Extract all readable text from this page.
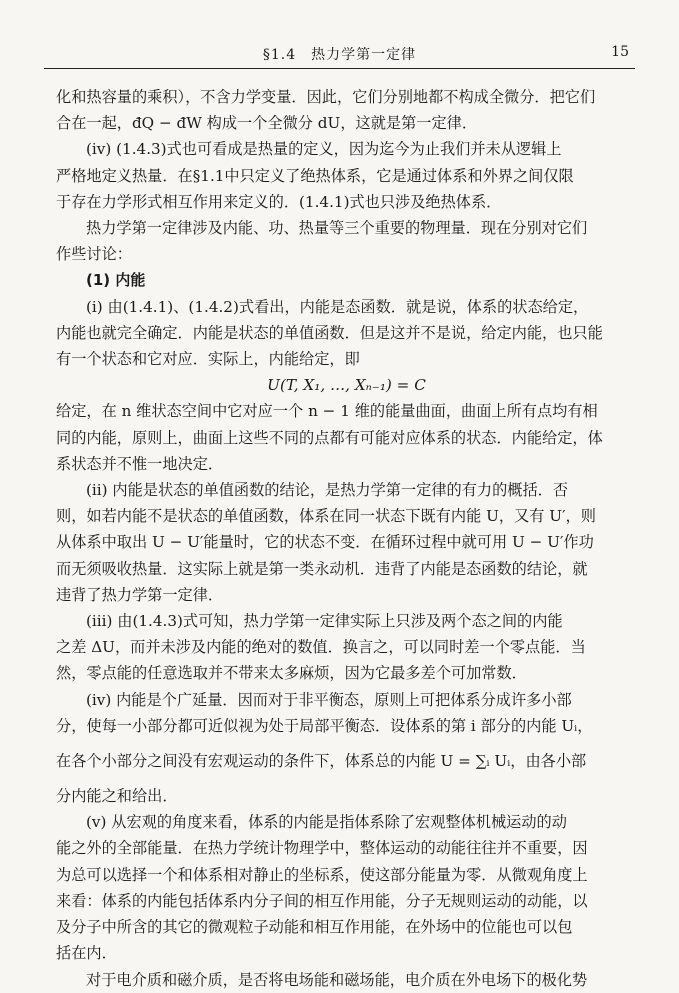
§1.4　热力学第一定律	15
化和热容量的乘积），不含力学变量．因此，它们分别地都不构成全微分．把它们
合在一起，đQ − đW 构成一个全微分 dU，这就是第一定律．
(iv) (1.4.3)式也可看成是热量的定义，因为迄今为止我们并未从逻辑上
严格地定义热量．在§1.1中只定义了绝热体系，它是通过体系和外界之间仅限
于存在力学形式相互作用来定义的．(1.4.1)式也只涉及绝热体系．
热力学第一定律涉及内能、功、热量等三个重要的物理量．现在分别对它们
作些讨论：
(1) 内能
(i) 由(1.4.1)、(1.4.2)式看出，内能是态函数．就是说，体系的状态给定，
内能也就完全确定．内能是状态的单值函数．但是这并不是说，给定内能，也只能
有一个状态和它对应．实际上，内能给定，即
U(T, X₁, …, Xₙ₋₁) = C
给定，在 n 维状态空间中它对应一个 n − 1 维的能量曲面，曲面上所有点均有相
同的内能，原则上，曲面上这些不同的点都有可能对应体系的状态．内能给定，体
系状态并不惟一地决定．
(ii) 内能是状态的单值函数的结论，是热力学第一定律的有力的概括．否
则，如若内能不是状态的单值函数，体系在同一状态下既有内能 U，又有 U′，则
从体系中取出 U − U′能量时，它的状态不变．在循环过程中就可用 U − U′作功
而无须吸收热量．这实际上就是第一类永动机．违背了内能是态函数的结论，就
违背了热力学第一定律．
(iii) 由(1.4.3)式可知，热力学第一定律实际上只涉及两个态之间的内能
之差 ΔU，而并未涉及内能的绝对的数值．换言之，可以同时差一个零点能．当
然，零点能的任意选取并不带来太多麻烦，因为它最多差个可加常数．
(iv) 内能是个广延量．因而对于非平衡态，原则上可把体系分成许多小部
分，使每一小部分都可近似视为处于局部平衡态．设体系的第 i 部分的内能 Uᵢ，
在各个小部分之间没有宏观运动的条件下，体系总的内能 U = ∑ᵢ Uᵢ，由各小部
分内能之和给出．
(v) 从宏观的角度来看，体系的内能是指体系除了宏观整体机械运动的动
能之外的全部能量．在热力学统计物理学中，整体运动的动能往往并不重要，因
为总可以选择一个和体系相对静止的坐标系，使这部分能量为零．从微观角度上
来看：体系的内能包括体系内分子间的相互作用能，分子无规则运动的动能，以
及分子中所含的其它的微观粒子动能和相互作用能，在外场中的位能也可以包
括在内．
对于电介质和磁介质，是否将电场能和磁场能，电介质在外电场下的极化势
